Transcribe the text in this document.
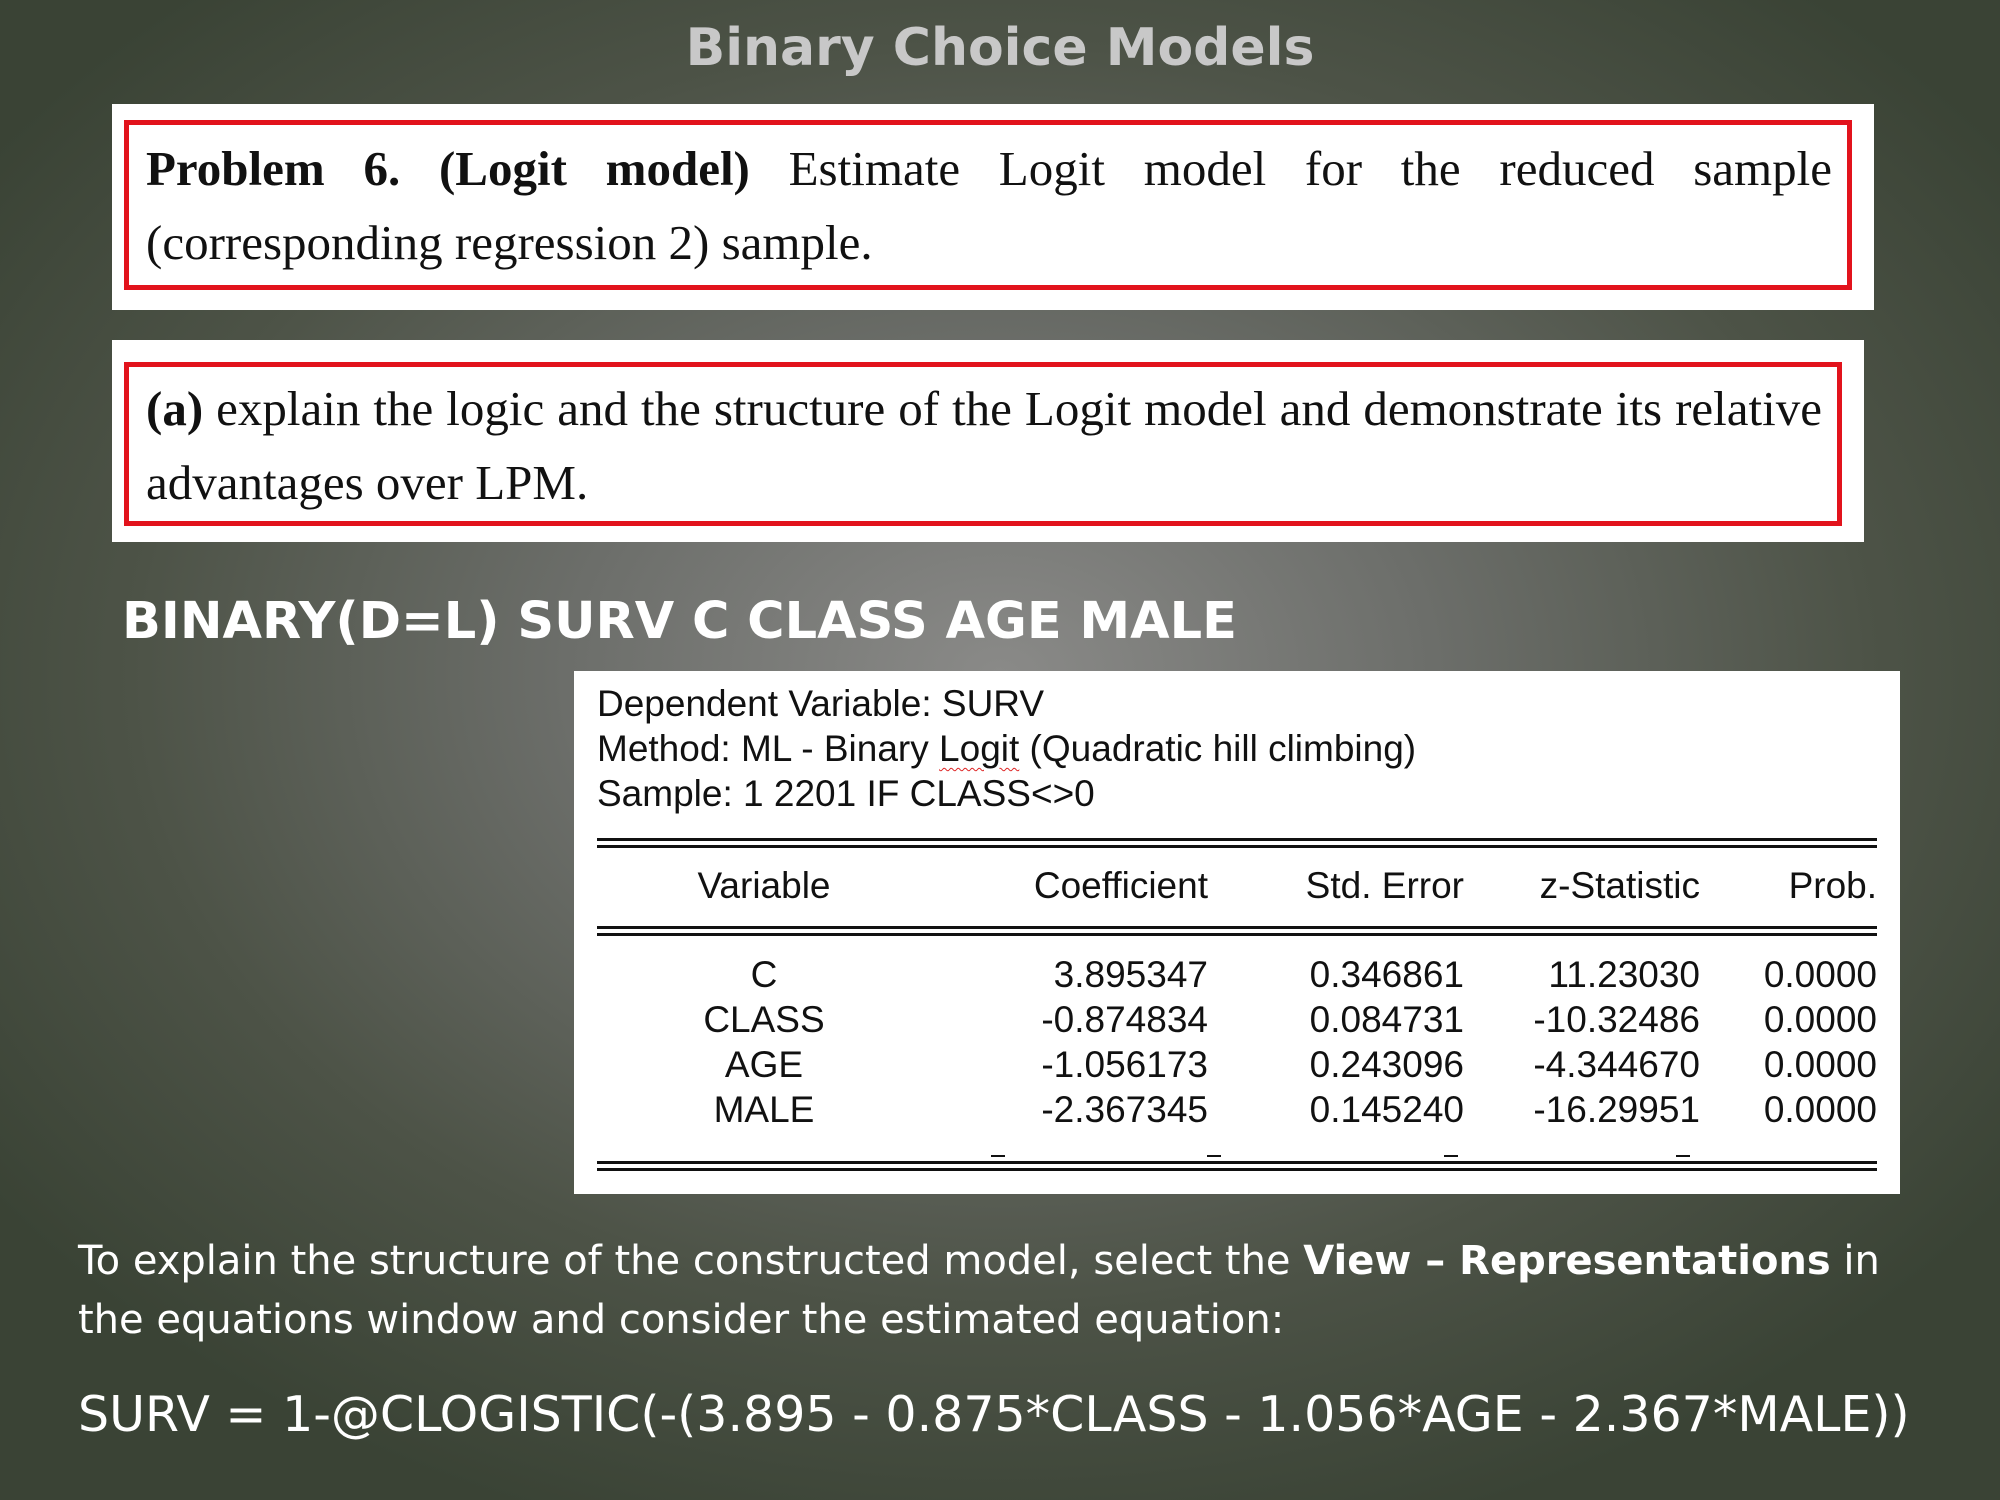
Binary Choice Models

Problem 6. (Logit model) Estimate Logit model for the reduced sample (corresponding regression 2) sample.

(a) explain the logic and the structure of the Logit model and demonstrate its relative advantages over LPM.

BINARY(D=L) SURV C CLASS AGE MALE

Dependent Variable: SURV
Method: ML - Binary Logit (Quadratic hill climbing)
Sample: 1 2201 IF CLASS<>0
Variable	Coefficient	Std. Error	z-Statistic	Prob.
C	3.895347	0.346861	11.23030	0.0000
CLASS	-0.874834	0.084731	-10.32486	0.0000
AGE	-1.056173	0.243096	-4.344670	0.0000
MALE	-2.367345	0.145240	-16.29951	0.0000

To explain the structure of the constructed model, select the View – Representations in the equations window and consider the estimated equation:

SURV = 1-@CLOGISTIC(-(3.895 - 0.875*CLASS - 1.056*AGE - 2.367*MALE))
